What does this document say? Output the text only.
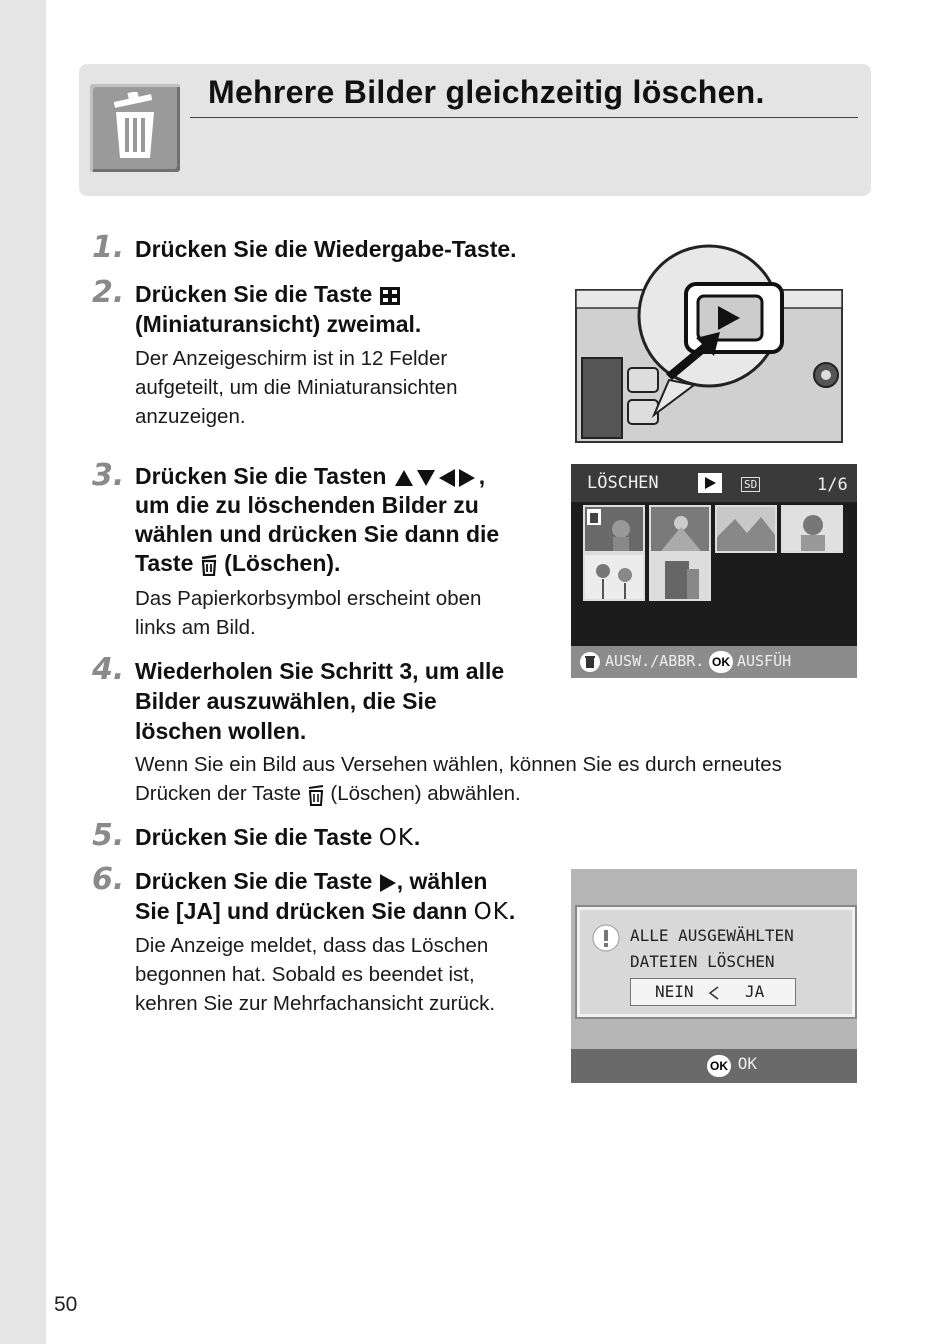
Mehrere Bilder gleichzeitig löschen.
1. Drücken Sie die Wiedergabe-Taste.
2. Drücken Sie die Taste
(Miniaturansicht) zweimal.
Der Anzeigeschirm ist in 12 Felder
aufgeteilt, um die Miniaturansichten
anzuzeigen.
3. Drücken Sie die Tasten	,
um die zu löschenden Bilder zu
wählen und drücken Sie dann die
Taste (Löschen).
Das Papierkorbsymbol erscheint oben
links am Bild.
LÖSCHEN	SD	1/6
AUSW./ABBR. OK AUSFÜH
4. Wiederholen Sie Schritt 3, um alle
Bilder auszuwählen, die Sie
löschen wollen.
Wenn Sie ein Bild aus Versehen wählen, können Sie es durch erneutes
Drücken der Taste (Löschen) abwählen.
5. Drücken Sie die Taste OK.
6. Drücken Sie die Taste , wählen
Sie [JA] und drücken Sie dann OK.
Die Anzeige meldet, dass das Löschen
begonnen hat. Sobald es beendet ist,
kehren Sie zur Mehrfachansicht zurück.
ALLE AUSGEWÄHLTEN
DATEIEN LÖSCHEN
NEIN	JA
OK OK
50
